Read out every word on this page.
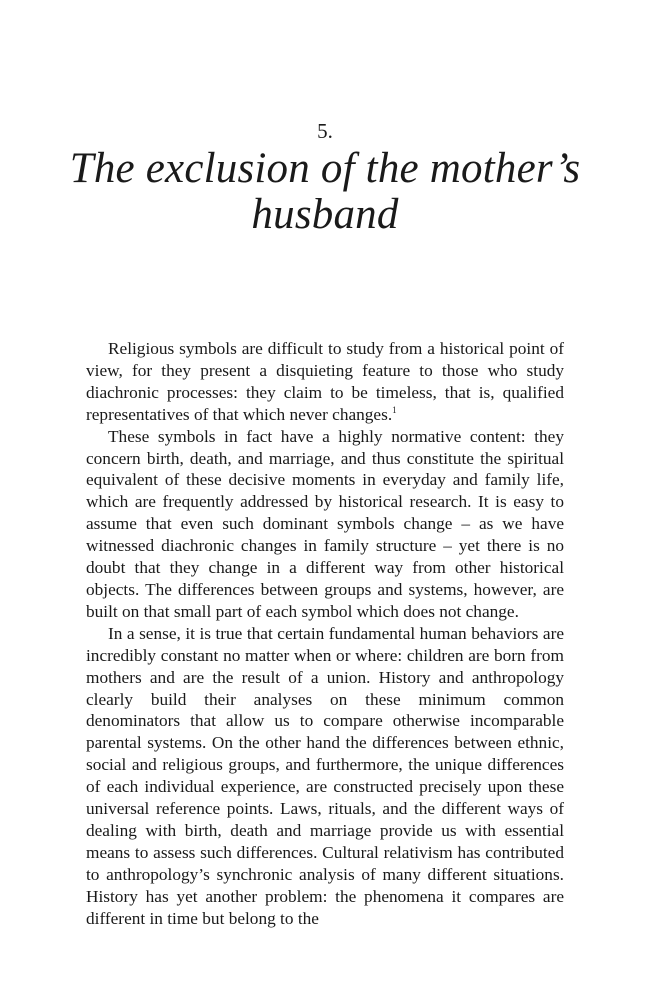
5.
The exclusion of the mother’s
husband

Religious symbols are difficult to study from a historical point of view, for they present a disquieting feature to those who study diachronic processes: they claim to be timeless, that is, qualified representatives of that which never changes.$^1$

These symbols in fact have a highly normative content: they concern birth, death, and marriage, and thus constitute the spiritual equivalent of these decisive moments in everyday and family life, which are frequently addressed by historical research. It is easy to assume that even such dominant symbols change – as we have witnessed diachronic changes in family structure – yet there is no doubt that they change in a different way from other historical objects. The differences between groups and systems, however, are built on that small part of each symbol which does not change.

In a sense, it is true that certain fundamental human behaviors are incredibly constant no matter when or where: children are born from mothers and are the result of a union. History and anthropology clearly build their analyses on these minimum common denominators that allow us to compare otherwise incomparable parental systems. On the other hand the differences between ethnic, social and religious groups, and furthermore, the unique differences of each individual experience, are constructed precisely upon these universal reference points. Laws, rituals, and the different ways of dealing with birth, death and marriage provide us with essential means to assess such differences. Cultural relativism has contributed to anthropology’s synchronic analysis of many different situations. History has yet another problem: the phenomena it compares are different in time but belong to the
